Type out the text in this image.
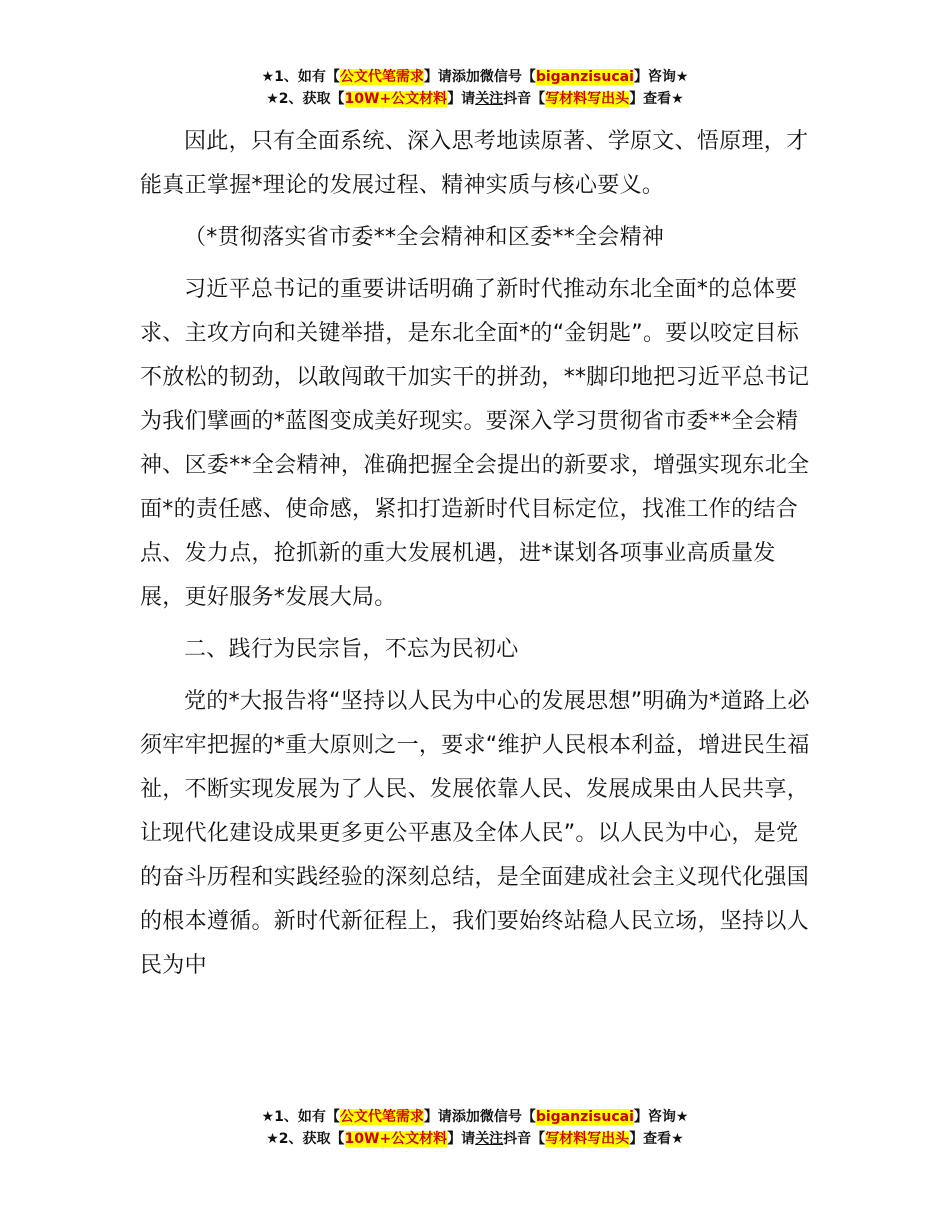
★1、如有【公文代笔需求】请添加微信号【biganzisucai】咨询★
★2、获取【10W+公文材料】请关注抖音【写材料写出头】查看★

因此，只有全面系统、深入思考地读原著、学原文、悟原理，才能真正掌握*理论的发展过程、精神实质与核心要义。

（*贯彻落实省市委**全会精神和区委**全会精神

习近平总书记的重要讲话明确了新时代推动东北全面*的总体要求、主攻方向和关键举措，是东北全面*的“金钥匙”。要以咬定目标不放松的韧劲，以敢闯敢干加实干的拼劲，**脚印地把习近平总书记为我们擘画的*蓝图变成美好现实。要深入学习贯彻省市委**全会精神、区委**全会精神，准确把握全会提出的新要求，增强实现东北全面*的责任感、使命感，紧扣打造新时代目标定位，找准工作的结合点、发力点，抢抓新的重大发展机遇，进*谋划各项事业高质量发展，更好服务*发展大局。

二、践行为民宗旨，不忘为民初心

党的*大报告将“坚持以人民为中心的发展思想”明确为*道路上必须牢牢把握的*重大原则之一，要求“维护人民根本利益，增进民生福祉，不断实现发展为了人民、发展依靠人民、发展成果由人民共享，让现代化建设成果更多更公平惠及全体人民”。以人民为中心，是党的奋斗历程和实践经验的深刻总结，是全面建成社会主义现代化强国的根本遵循。新时代新征程上，我们要始终站稳人民立场，坚持以人民为中

★1、如有【公文代笔需求】请添加微信号【biganzisucai】咨询★
★2、获取【10W+公文材料】请关注抖音【写材料写出头】查看★
